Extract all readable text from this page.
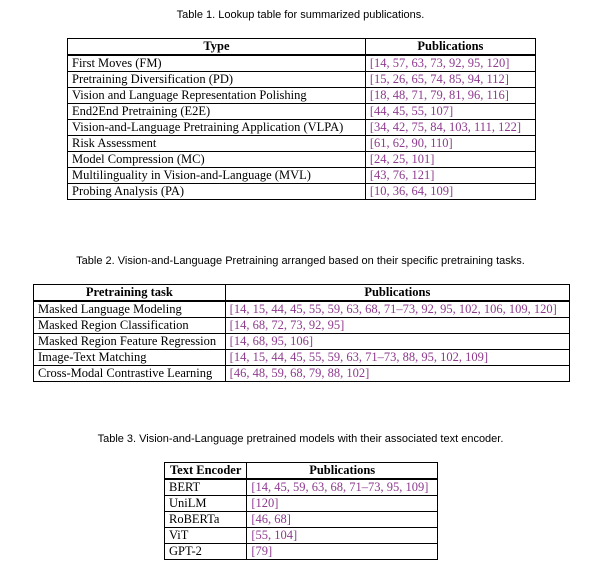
Table 1. Lookup table for summarized publications.
Type	Publications
First Moves (FM)	[14, 57, 63, 73, 92, 95, 120]
Pretraining Diversification (PD)	[15, 26, 65, 74, 85, 94, 112]
Vision and Language Representation Polishing	[18, 48, 71, 79, 81, 96, 116]
End2End Pretraining (E2E)	[44, 45, 55, 107]
Vision-and-Language Pretraining Application (VLPA)	[34, 42, 75, 84, 103, 111, 122]
Risk Assessment	[61, 62, 90, 110]
Model Compression (MC)	[24, 25, 101]
Multilinguality in Vision-and-Language (MVL)	[43, 76, 121]
Probing Analysis (PA)	[10, 36, 64, 109]
Table 2. Vision-and-Language Pretraining arranged based on their specific pretraining tasks.
Pretraining task	Publications
Masked Language Modeling	[14, 15, 44, 45, 55, 59, 63, 68, 71–73, 92, 95, 102, 106, 109, 120]
Masked Region Classification	[14, 68, 72, 73, 92, 95]
Masked Region Feature Regression	[14, 68, 95, 106]
Image-Text Matching	[14, 15, 44, 45, 55, 59, 63, 71–73, 88, 95, 102, 109]
Cross-Modal Contrastive Learning	[46, 48, 59, 68, 79, 88, 102]
Table 3. Vision-and-Language pretrained models with their associated text encoder.
Text Encoder	Publications
BERT	[14, 45, 59, 63, 68, 71–73, 95, 109]
UniLM	[120]
RoBERTa	[46, 68]
ViT	[55, 104]
GPT-2	[79]
